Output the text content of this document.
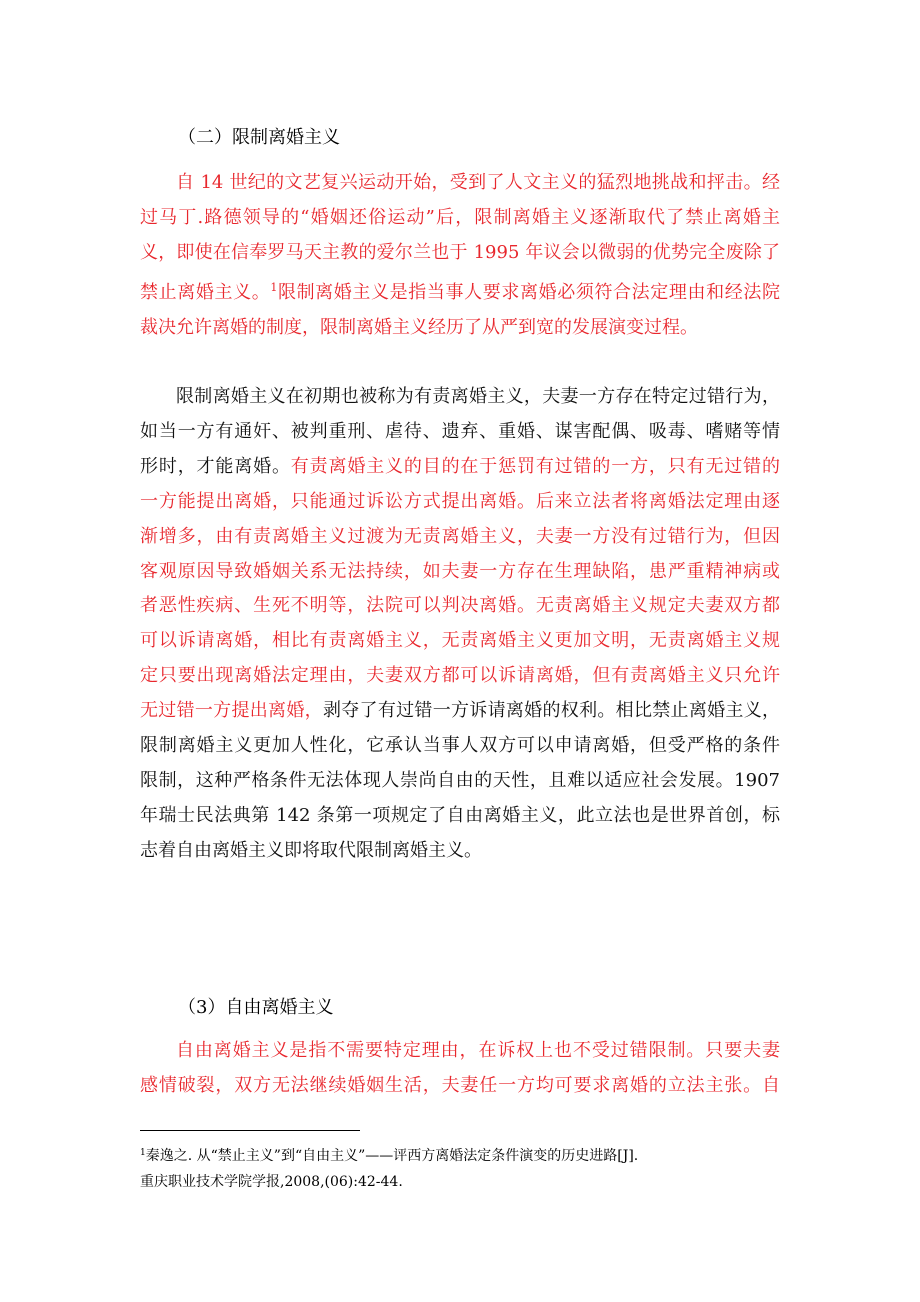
（二）限制离婚主义
自 14 世纪的文艺复兴运动开始，受到了人文主义的猛烈地挑战和抨击。经
过马丁.路德领导的“婚姻还俗运动”后，限制离婚主义逐渐取代了禁止离婚主
义，即使在信奉罗马天主教的爱尔兰也于 1995 年议会以微弱的优势完全废除了
禁止离婚主义。$^1$限制离婚主义是指当事人要求离婚必须符合法定理由和经法院
裁决允许离婚的制度，限制离婚主义经历了从严到宽的发展演变过程。
限制离婚主义在初期也被称为有责离婚主义，夫妻一方存在特定过错行为，
如当一方有通奸、被判重刑、虐待、遗弃、重婚、谋害配偶、吸毒、嗜赌等情
形时，才能离婚。有责离婚主义的目的在于惩罚有过错的一方，只有无过错的
一方能提出离婚，只能通过诉讼方式提出离婚。后来立法者将离婚法定理由逐
渐增多，由有责离婚主义过渡为无责离婚主义，夫妻一方没有过错行为，但因
客观原因导致婚姻关系无法持续，如夫妻一方存在生理缺陷，患严重精神病或
者恶性疾病、生死不明等，法院可以判决离婚。无责离婚主义规定夫妻双方都
可以诉请离婚，相比有责离婚主义，无责离婚主义更加文明，无责离婚主义规
定只要出现离婚法定理由，夫妻双方都可以诉请离婚，但有责离婚主义只允许
无过错一方提出离婚，剥夺了有过错一方诉请离婚的权利。相比禁止离婚主义，
限制离婚主义更加人性化，它承认当事人双方可以申请离婚，但受严格的条件
限制，这种严格条件无法体现人崇尚自由的天性，且难以适应社会发展。1907
年瑞士民法典第 142 条第一项规定了自由离婚主义，此立法也是世界首创，标
志着自由离婚主义即将取代限制离婚主义。
（3）自由离婚主义
自由离婚主义是指不需要特定理由，在诉权上也不受过错限制。只要夫妻
感情破裂，双方无法继续婚姻生活，夫妻任一方均可要求离婚的立法主张。自
$^1$秦逸之. 从“禁止主义”到“自由主义”——评西方离婚法定条件演变的历史进路[J].
重庆职业技术学院学报,2008,(06):42-44.
